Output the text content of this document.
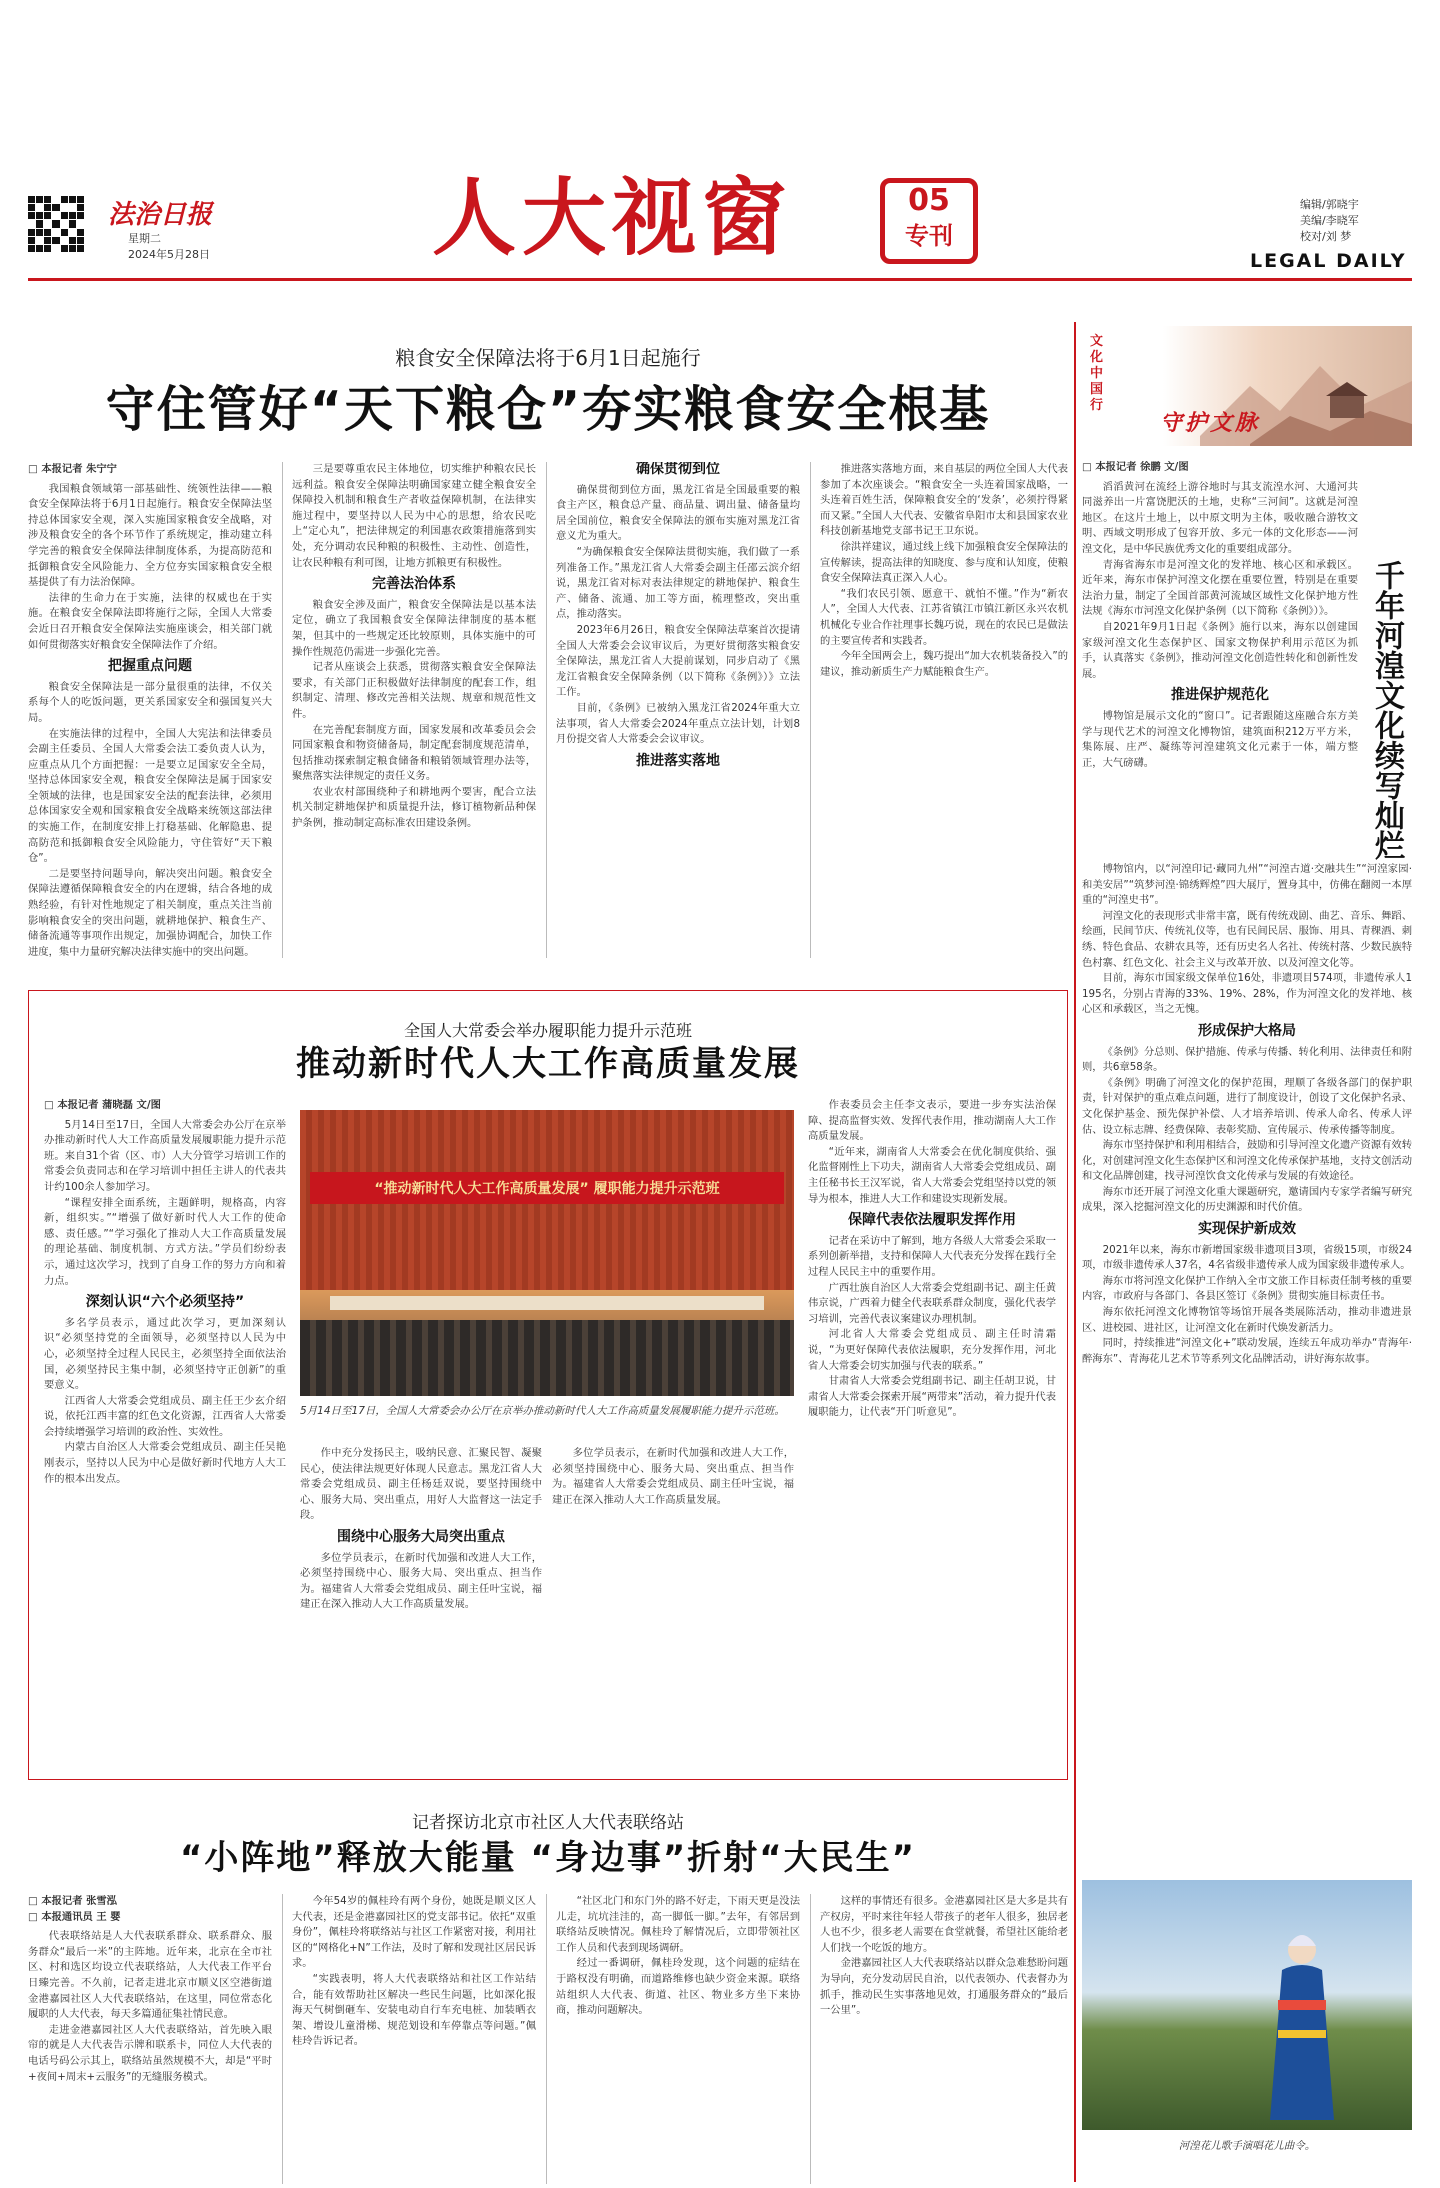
法治日报
星期二
2024年5月28日	人大视窗	05
专刊
编辑/郭晓宇
美编/李晓军
校对/刘 梦
LEGAL DAILY
粮食安全保障法将于6月1日起施行
守住管好“天下粮仓”夯实粮食安全根基

□ 本报记者 朱宁宁

我国粮食领域第一部基础性、统领性法律——粮食安全保障法将于6月1日起施行。粮食安全保障法坚持总体国家安全观，深入实施国家粮食安全战略，对涉及粮食安全的各个环节作了系统规定，推动建立科学完善的粮食安全保障法律制度体系，为提高防范和抵御粮食安全风险能力、全方位夯实国家粮食安全根基提供了有力法治保障。

法律的生命力在于实施，法律的权威也在于实施。在粮食安全保障法即将施行之际，全国人大常委会近日召开粮食安全保障法实施座谈会，相关部门就如何贯彻落实好粮食安全保障法作了介绍。

把握重点问题

粮食安全保障法是一部分量很重的法律，不仅关系每个人的吃饭问题，更关系国家安全和强国复兴大局。

在实施法律的过程中，全国人大宪法和法律委员会副主任委员、全国人大常委会法工委负责人认为，应重点从几个方面把握：一是要立足国家安全全局，坚持总体国家安全观，粮食安全保障法是属于国家安全领域的法律，也是国家安全法的配套法律，必须用总体国家安全观和国家粮食安全战略来统领这部法律的实施工作，在制度安排上打稳基础、化解隐患、提高防范和抵御粮食安全风险能力，守住管好“天下粮仓”。

二是要坚持问题导向，解决突出问题。粮食安全保障法遵循保障粮食安全的内在逻辑，结合各地的成熟经验，有针对性地规定了相关制度，重点关注当前影响粮食安全的突出问题，就耕地保护、粮食生产、储备流通等事项作出规定，加强协调配合，加快工作进度，集中力量研究解决法律实施中的突出问题。

三是要尊重农民主体地位，切实维护种粮农民长远利益。粮食安全保障法明确国家建立健全粮食安全保障投入机制和粮食生产者收益保障机制，在法律实施过程中，要坚持以人民为中心的思想，给农民吃上“定心丸”，把法律规定的利国惠农政策措施落到实处，充分调动农民种粮的积极性、主动性、创造性，让农民种粮有利可图，让地方抓粮更有积极性。

完善法治体系

粮食安全涉及面广，粮食安全保障法是以基本法定位，确立了我国粮食安全保障法律制度的基本框架，但其中的一些规定还比较原则，具体实施中的可操作性规范仍需进一步强化完善。

记者从座谈会上获悉，贯彻落实粮食安全保障法要求，有关部门正积极做好法律制度的配套工作，组织制定、清理、修改完善相关法规、规章和规范性文件。

在完善配套制度方面，国家发展和改革委员会会同国家粮食和物资储备局，制定配套制度规范清单，包括推动探索制定粮食储备和粮销领域管理办法等，聚焦落实法律规定的责任义务。

农业农村部围绕种子和耕地两个要害，配合立法机关制定耕地保护和质量提升法，修订植物新品种保护条例，推动制定高标准农田建设条例。

确保贯彻到位

确保贯彻到位方面，黑龙江省是全国最重要的粮食主产区，粮食总产量、商品量、调出量、储备量均居全国前位，粮食安全保障法的颁布实施对黑龙江省意义尤为重大。

“为确保粮食安全保障法贯彻实施，我们做了一系列准备工作。”黑龙江省人大常委会副主任邵云滨介绍说，黑龙江省对标对表法律规定的耕地保护、粮食生产、储备、流通、加工等方面，梳理整改，突出重点，推动落实。

2023年6月26日，粮食安全保障法草案首次提请全国人大常委会会议审议后，为更好贯彻落实粮食安全保障法，黑龙江省人大提前谋划，同步启动了《黑龙江省粮食安全保障条例（以下简称《条例》）》立法工作。

目前，《条例》已被纳入黑龙江省2024年重大立法事项，省人大常委会2024年重点立法计划，计划8月份提交省人大常委会会议审议。

推进落实落地

推进落实落地方面，来自基层的两位全国人大代表参加了本次座谈会。“粮食安全一头连着国家战略，一头连着百姓生活，保障粮食安全的‘发条’，必须拧得紧而又紧。”全国人大代表、安徽省阜阳市太和县国家农业科技创新基地党支部书记王卫东说。

徐洪祥建议，通过线上线下加强粮食安全保障法的宣传解读，提高法律的知晓度、参与度和认知度，使粮食安全保障法真正深入人心。

“我们农民引领、愿意干、就怕不懂。”作为“新农人”，全国人大代表、江苏省镇江市镇江新区永兴农机机械化专业合作社理事长魏巧说，现在的农民已是做法的主要宣传者和实践者。

今年全国两会上，魏巧提出“加大农机装备投入”的建议，推动新质生产力赋能粮食生产。

文化中国行
守护文脉
千年河湟文化续写灿烂

□ 本报记者 徐鹏 文/图

滔滔黄河在流经上游谷地时与其支流湟水河、大通河共同滋养出一片富饶肥沃的土地，史称“三河间”。这就是河湟地区。在这片土地上，以中原文明为主体，吸收融合游牧文明、西域文明形成了包容开放、多元一体的文化形态——河湟文化，是中华民族优秀文化的重要组成部分。

青海省海东市是河湟文化的发祥地、核心区和承载区。近年来，海东市保护河湟文化摆在重要位置，特别是在重要法治力量，制定了全国首部黄河流域区域性文化保护地方性法规《海东市河湟文化保护条例（以下简称《条例》）》。

自2021年9月1日起《条例》施行以来，海东以创建国家级河湟文化生态保护区、国家文物保护利用示范区为抓手，认真落实《条例》，推动河湟文化创造性转化和创新性发展。

推进保护规范化

博物馆是展示文化的“窗口”。记者跟随这座融合东方美学与现代艺术的河湟文化博物馆，建筑面积212万平方米，集陈展、庄严、凝练等河湟建筑文化元素于一体，端方整正，大气磅礴。

博物馆内，以“河湟印记·藏同九州”“河湟古道·交融共生”“河湟家园·和美安居”“筑梦河湟·锦绣辉煌”四大展厅，置身其中，仿佛在翻阅一本厚重的“河湟史书”。

河湟文化的表现形式非常丰富，既有传统戏剧、曲艺、音乐、舞蹈、绘画，民间节庆、传统礼仪等，也有民间民居、服饰、用具、青稞酒、刺绣、特色食品、农耕农具等，还有历史名人名社、传统村落、少数民族特色村寨、红色文化、社会主义与改革开放、以及河湟文化等。

目前，海东市国家级文保单位16处，非遗项目574项，非遗传承人1195名，分别占青海的33%、19%、28%，作为河湟文化的发祥地、核心区和承载区，当之无愧。

形成保护大格局

《条例》分总则、保护措施、传承与传播、转化利用、法律责任和附则，共6章58条。

《条例》明确了河湟文化的保护范围，理顺了各级各部门的保护职责，针对保护的重点难点问题，进行了制度设计，创设了文化保护名录、文化保护基金、预先保护补偿、人才培养培训、传承人命名、传承人评估、设立标志牌、经费保障、表彰奖励、宣传展示、传承传播等制度。

海东市坚持保护和利用相结合，鼓励和引导河湟文化遗产资源有效转化，对创建河湟文化生态保护区和河湟文化传承保护基地，支持文创活动和文化品牌创建，找寻河湟饮食文化传承与发展的有效途径。

海东市还开展了河湟文化重大课题研究，邀请国内专家学者编写研究成果，深入挖掘河湟文化的历史渊源和时代价值。

实现保护新成效

2021年以来，海东市新增国家级非遗项目3项，省级15项，市级24项，市级非遗传承人37名，4名省级非遗传承人成为国家级非遗传承人。

海东市将河湟文化保护工作纳入全市文旅工作目标责任制考核的重要内容，市政府与各部门、各县区签订《条例》贯彻实施目标责任书。

海东依托河湟文化博物馆等场馆开展各类展陈活动，推动非遗进景区、进校园、进社区，让河湟文化在新时代焕发新活力。

同时，持续推进“河湟文化+”联动发展，连续五年成功举办“青海年·醉海东”、青海花儿艺术节等系列文化品牌活动，讲好海东故事。

河湟花儿歌手演唱花儿曲令。
全国人大常委会举办履职能力提升示范班
推动新时代人大工作高质量发展

□ 本报记者 蒲晓磊 文/图

5月14日至17日，全国人大常委会办公厅在京举办推动新时代人大工作高质量发展履职能力提升示范班。来自31个省（区、市）人大分管学习培训工作的常委会负责同志和在学习培训中担任主讲人的代表共计约100余人参加学习。

“课程安排全面系统，主题鲜明，规格高，内容新，组织实。”“增强了做好新时代人大工作的使命感、责任感。”“学习强化了推动人大工作高质量发展的理论基础、制度机制、方式方法。”学员们纷纷表示，通过这次学习，找到了自身工作的努力方向和着力点。

深刻认识“六个必须坚持”

多名学员表示，通过此次学习，更加深刻认识“必须坚持党的全面领导，必须坚持以人民为中心，必须坚持全过程人民民主，必须坚持全面依法治国，必须坚持民主集中制，必须坚持守正创新”的重要意义。

江西省人大常委会党组成员、副主任王少玄介绍说，依托江西丰富的红色文化资源，江西省人大常委会持续增强学习培训的政治性、实效性。

内蒙古自治区人大常委会党组成员、副主任吴艳刚表示，坚持以人民为中心是做好新时代地方人大工作的根本出发点。

“推动新时代人大工作高质量发展” 履职能力提升示范班
5月14日至17日，全国人大常委会办公厅在京举办推动新时代人大工作高质量发展履职能力提升示范班。

作中充分发扬民主，吸纳民意、汇聚民智、凝聚民心，使法律法规更好体现人民意志。黑龙江省人大常委会党组成员、副主任杨廷双说，要坚持围绕中心、服务大局、突出重点，用好人大监督这一法定手段。

围绕中心服务大局突出重点

多位学员表示，在新时代加强和改进人大工作，必须坚持围绕中心、服务大局、突出重点、担当作为。福建省人大常委会党组成员、副主任叶宝说，福建正在深入推动人大工作高质量发展。

多位学员表示，在新时代加强和改进人大工作，必须坚持围绕中心、服务大局、突出重点、担当作为。福建省人大常委会党组成员、副主任叶宝说，福建正在深入推动人大工作高质量发展。

作表委员会主任李文表示，要进一步夯实法治保障、提高监督实效、发挥代表作用，推动湖南人大工作高质量发展。

“近年来，湖南省人大常委会在优化制度供给、强化监督刚性上下功夫，湖南省人大常委会党组成员、副主任秘书长王汉军说，省人大常委会党组坚持以党的领导为根本，推进人大工作和建设实现新发展。

保障代表依法履职发挥作用

记者在采访中了解到，地方各级人大常委会采取一系列创新举措，支持和保障人大代表充分发挥在践行全过程人民民主中的重要作用。

广西壮族自治区人大常委会党组副书记、副主任黄伟京说，广西着力健全代表联系群众制度，强化代表学习培训，完善代表议案建议办理机制。

河北省人大常委会党组成员、副主任时清霜说，“为更好保障代表依法履职，充分发挥作用，河北省人大常委会切实加强与代表的联系。”

甘肃省人大常委会党组副书记、副主任胡卫说，甘肃省人大常委会探索开展“两带来”活动，着力提升代表履职能力，让代表“开门听意见”。

记者探访北京市社区人大代表联络站
“小阵地”释放大能量 “身边事”折射“大民生”

□ 本报记者 张雪泓

□ 本报通讯员 王 婴

代表联络站是人大代表联系群众、联系群众、服务群众“最后一米”的主阵地。近年来，北京在全市社区、村和选区均设立代表联络站，人大代表工作平台日臻完善。不久前，记者走进北京市顺义区空港街道金港嘉园社区人大代表联络站，在这里，同位常态化履职的人大代表，每天多篇通征集社情民意。

走进金港嘉园社区人大代表联络站，首先映入眼帘的就是人大代表告示牌和联系卡，同位人大代表的电话号码公示其上，联络站虽然规模不大，却是“平时+夜间+周末+云服务”的无缝服务模式。

今年54岁的佩桂玲有两个身份，她既是顺义区人大代表，还是金港嘉园社区的党支部书记。依托“双重身份”，佩桂玲将联络站与社区工作紧密对接，利用社区的“网格化+N”工作法，及时了解和发现社区居民诉求。

“实践表明，将人大代表联络站和社区工作站结合，能有效帮助社区解决一些民生问题，比如深化报海天气树倒砸车、安装电动自行车充电桩、加装晒衣架、增设儿童滑梯、规范划设和车停靠点等问题。”佩桂玲告诉记者。

“社区北门和东门外的路不好走，下雨天更是没法儿走，坑坑洼洼的，高一脚低一脚。”去年，有邻居到联络站反映情况。佩桂玲了解情况后，立即带领社区工作人员和代表到现场调研。

经过一番调研，佩桂玲发现，这个问题的症结在于路权没有明确，而道路维修也缺少资金来源。联络站组织人大代表、街道、社区、物业多方坐下来协商，推动问题解决。

这样的事情还有很多。金港嘉园社区是大多是共有产权房，平时来往年轻人带孩子的老年人很多，独居老人也不少，很多老人需要在食堂就餐，希望社区能给老人们找一个吃饭的地方。

金港嘉园社区人大代表联络站以群众急难愁盼问题为导向，充分发动居民自治，以代表领办、代表督办为抓手，推动民生实事落地见效，打通服务群众的“最后一公里”。
